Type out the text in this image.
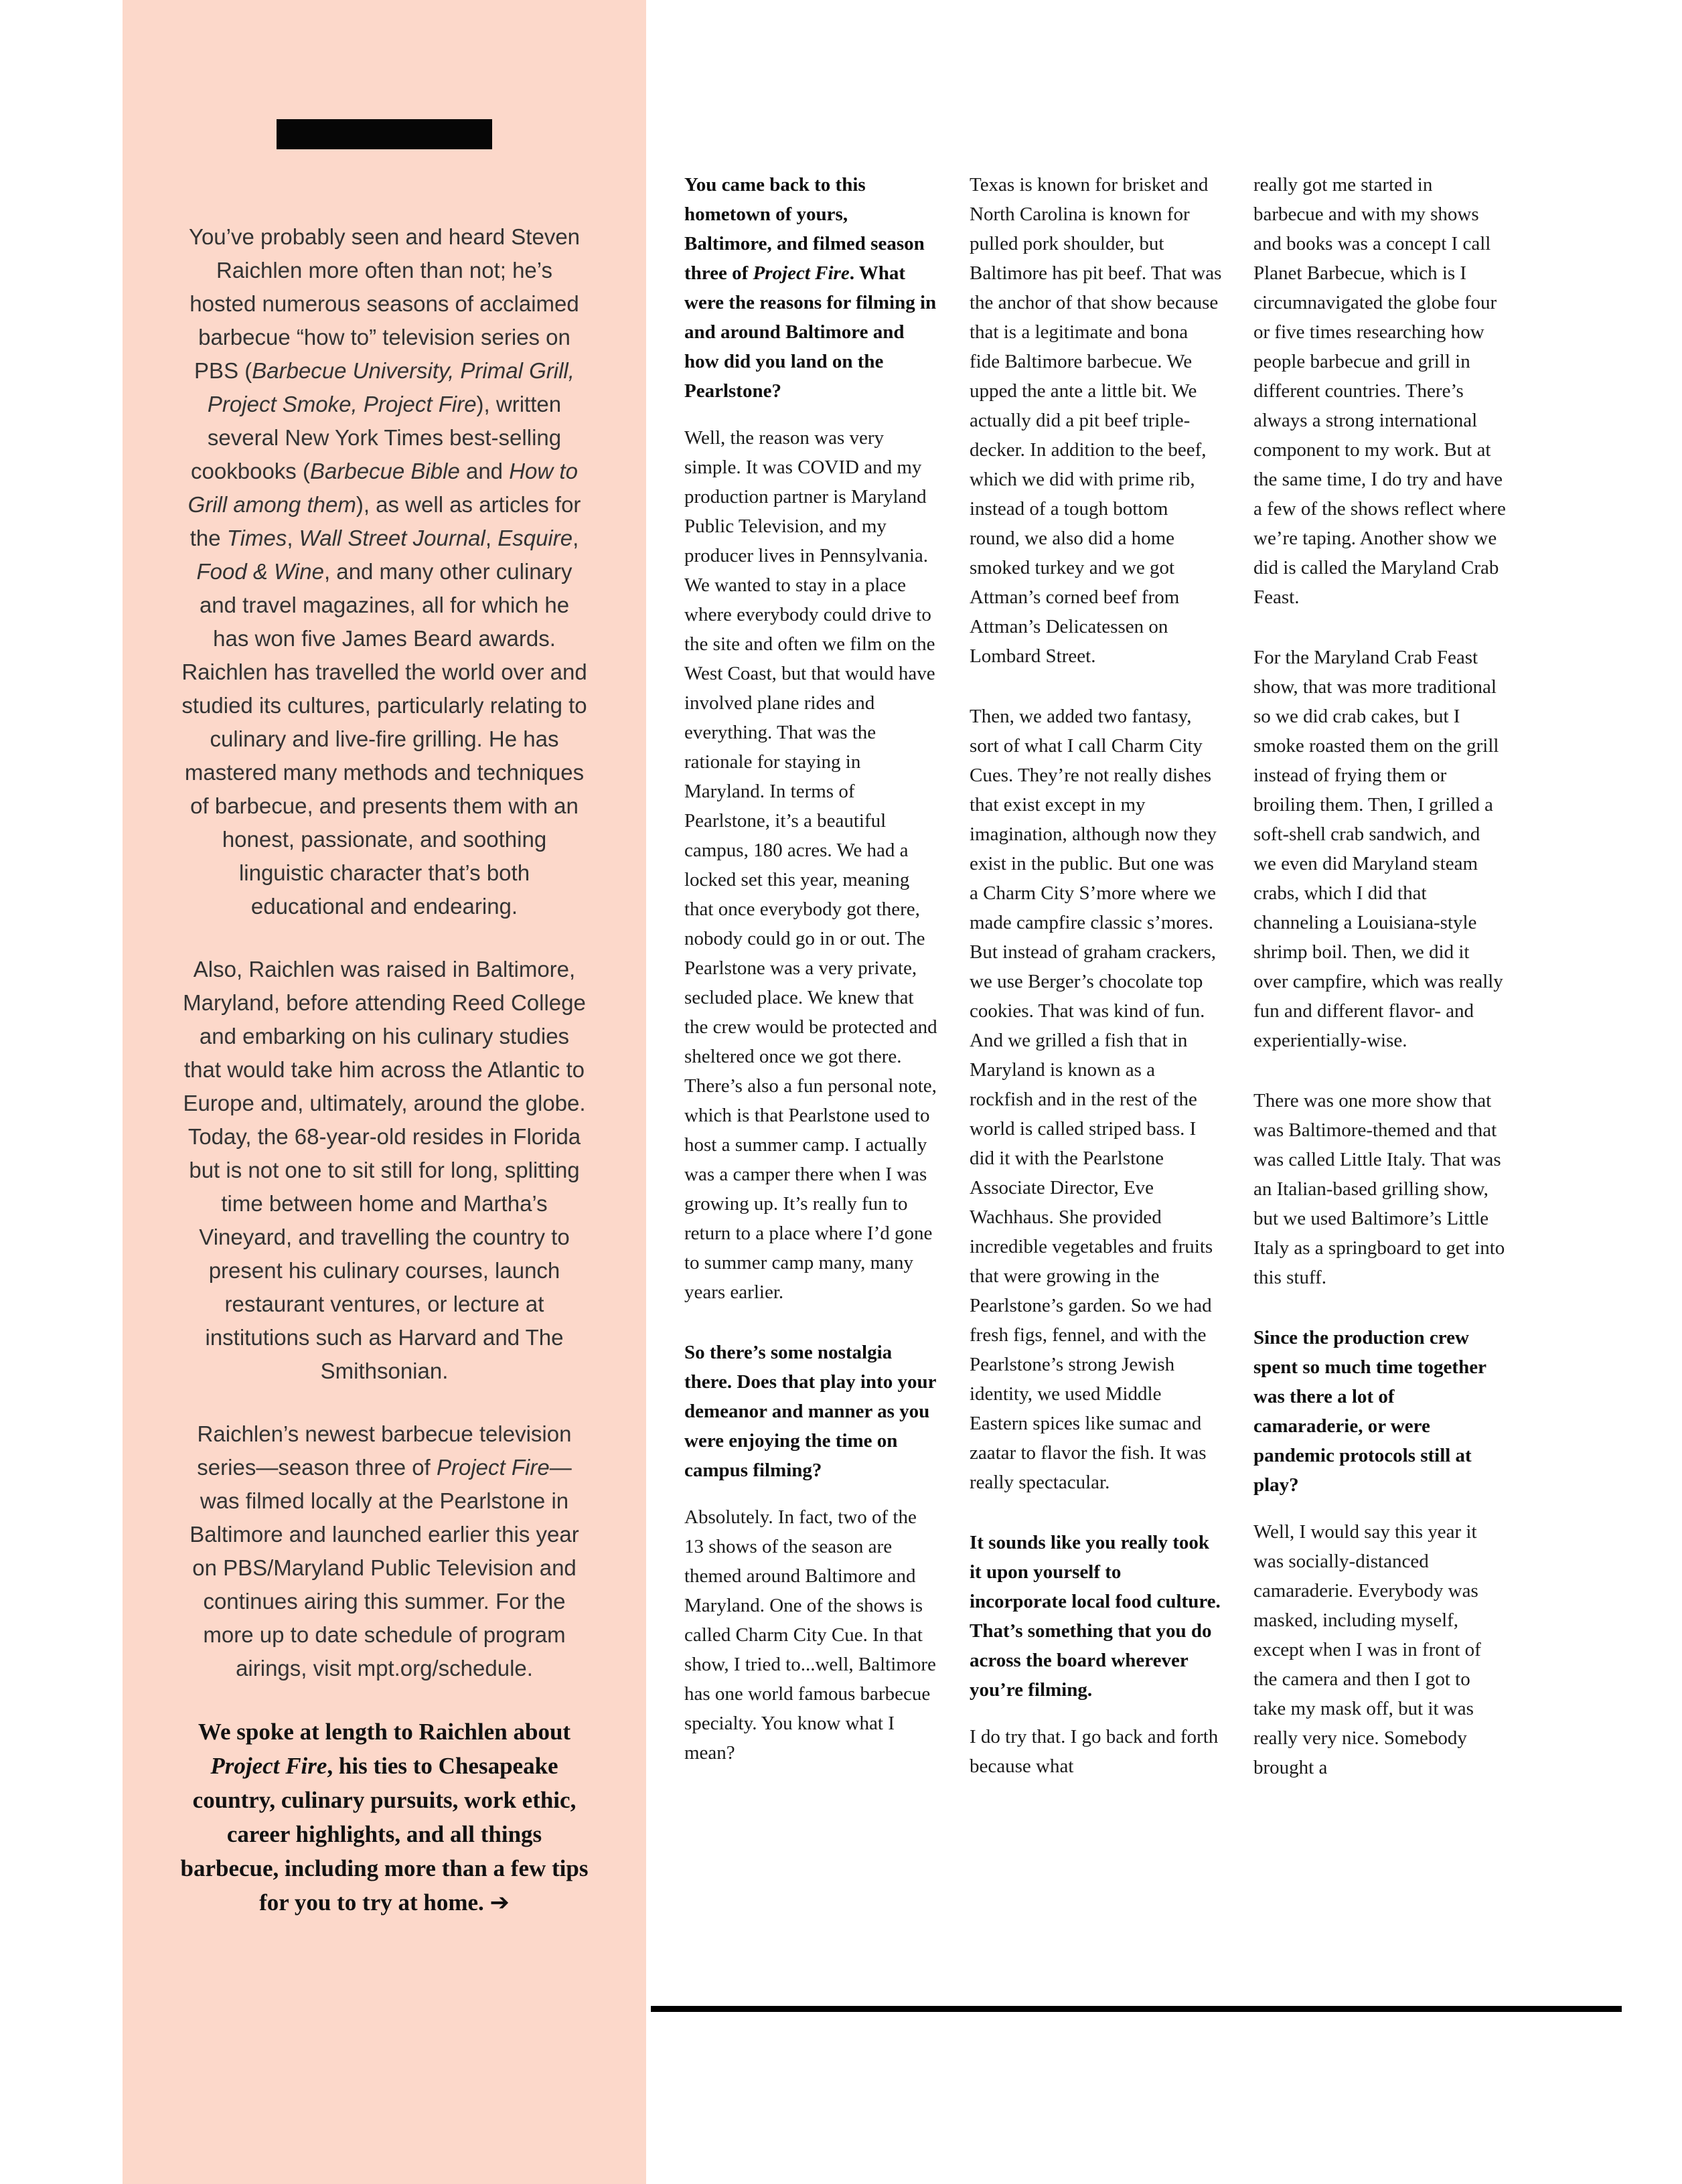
You’ve probably seen and heard Steven Raichlen more often than not; he’s hosted numerous seasons of acclaimed barbecue “how to” television series on PBS (Barbecue University, Primal Grill, Project Smoke, Project Fire), written several New York Times best-selling cookbooks (Barbecue Bible and How to Grill among them), as well as articles for the Times, Wall Street Journal, Esquire, Food & Wine, and many other culinary and travel magazines, all for which he has won five James Beard awards. Raichlen has travelled the world over and studied its cultures, particularly relating to culinary and live-fire grilling. He has mastered many methods and techniques of barbecue, and presents them with an honest, passionate, and soothing linguistic character that’s both educational and endearing.

Also, Raichlen was raised in Baltimore, Maryland, before attending Reed College and embarking on his culinary studies that would take him across the Atlantic to Europe and, ultimately, around the globe. Today, the 68-year-old resides in Florida but is not one to sit still for long, splitting time between home and Martha’s Vineyard, and travelling the country to present his culinary courses, launch restaurant ventures, or lecture at institutions such as Harvard and The Smithsonian.

Raichlen’s newest barbecue television series—season three of Project Fire—was filmed locally at the Pearlstone in Baltimore and launched earlier this year on PBS/Maryland Public Television and continues airing this summer. For the more up to date schedule of program airings, visit mpt.org/schedule.

We spoke at length to Raichlen about Project Fire, his ties to Chesapeake country, culinary pursuits, work ethic, career highlights, and all things barbecue, including more than a few tips for you to try at home. ➔

You came back to this hometown of yours, Baltimore, and filmed season three of Project Fire. What were the reasons for filming in and around Baltimore and how did you land on the Pearlstone?

Well, the reason was very simple. It was COVID and my production partner is Maryland Public Television, and my producer lives in Pennsylvania. We wanted to stay in a place where everybody could drive to the site and often we film on the West Coast, but that would have involved plane rides and everything. That was the rationale for staying in Maryland. In terms of Pearlstone, it’s a beautiful campus, 180 acres. We had a locked set this year, meaning that once everybody got there, nobody could go in or out. The Pearlstone was a very private, secluded place. We knew that the crew would be protected and sheltered once we got there. There’s also a fun personal note, which is that Pearlstone used to host a summer camp. I actually was a camper there when I was growing up. It’s really fun to return to a place where I’d gone to summer camp many, many years earlier.

So there’s some nostalgia there. Does that play into your demeanor and manner as you were enjoying the time on campus filming?

Absolutely. In fact, two of the 13 shows of the season are themed around Baltimore and Maryland. One of the shows is called Charm City Cue. In that show, I tried to...well, Baltimore has one world famous barbecue specialty. You know what I mean?

Texas is known for brisket and North Carolina is known for pulled pork shoulder, but Baltimore has pit beef. That was the anchor of that show because that is a legitimate and bona fide Baltimore barbecue. We upped the ante a little bit. We actually did a pit beef triple-decker. In addition to the beef, which we did with prime rib, instead of a tough bottom round, we also did a home smoked turkey and we got Attman’s corned beef from Attman’s Delicatessen on Lombard Street.

Then, we added two fantasy, sort of what I call Charm City Cues. They’re not really dishes that exist except in my imagination, although now they exist in the public. But one was a Charm City S’more where we made campfire classic s’mores. But instead of graham crackers, we use Berger’s chocolate top cookies. That was kind of fun. And we grilled a fish that in Maryland is known as a rockfish and in the rest of the world is called striped bass. I did it with the Pearlstone Associate Director, Eve Wachhaus. She provided incredible vegetables and fruits that were growing in the Pearlstone’s garden. So we had fresh figs, fennel, and with the Pearlstone’s strong Jewish identity, we used Middle Eastern spices like sumac and zaatar to flavor the fish. It was really spectacular.

It sounds like you really took it upon yourself to incorporate local food culture. That’s something that you do across the board wherever you’re filming.

I do try that. I go back and forth because what

really got me started in barbecue and with my shows and books was a concept I call Planet Barbecue, which is I circumnavigated the globe four or five times researching how people barbecue and grill in different countries. There’s always a strong international component to my work. But at the same time, I do try and have a few of the shows reflect where we’re taping. Another show we did is called the Maryland Crab Feast.

For the Maryland Crab Feast show, that was more traditional so we did crab cakes, but I smoke roasted them on the grill instead of frying them or broiling them. Then, I grilled a soft-shell crab sandwich, and we even did Maryland steam crabs, which I did that channeling a Louisiana-style shrimp boil. Then, we did it over campfire, which was really fun and different flavor- and experientially-wise.

There was one more show that was Baltimore-themed and that was called Little Italy. That was an Italian-based grilling show, but we used Baltimore’s Little Italy as a springboard to get into this stuff.

Since the production crew spent so much time together was there a lot of camaraderie, or were pandemic protocols still at play?

Well, I would say this year it was socially-distanced camaraderie. Everybody was masked, including myself, except when I was in front of the camera and then I got to take my mask off, but it was really very nice. Somebody brought a
